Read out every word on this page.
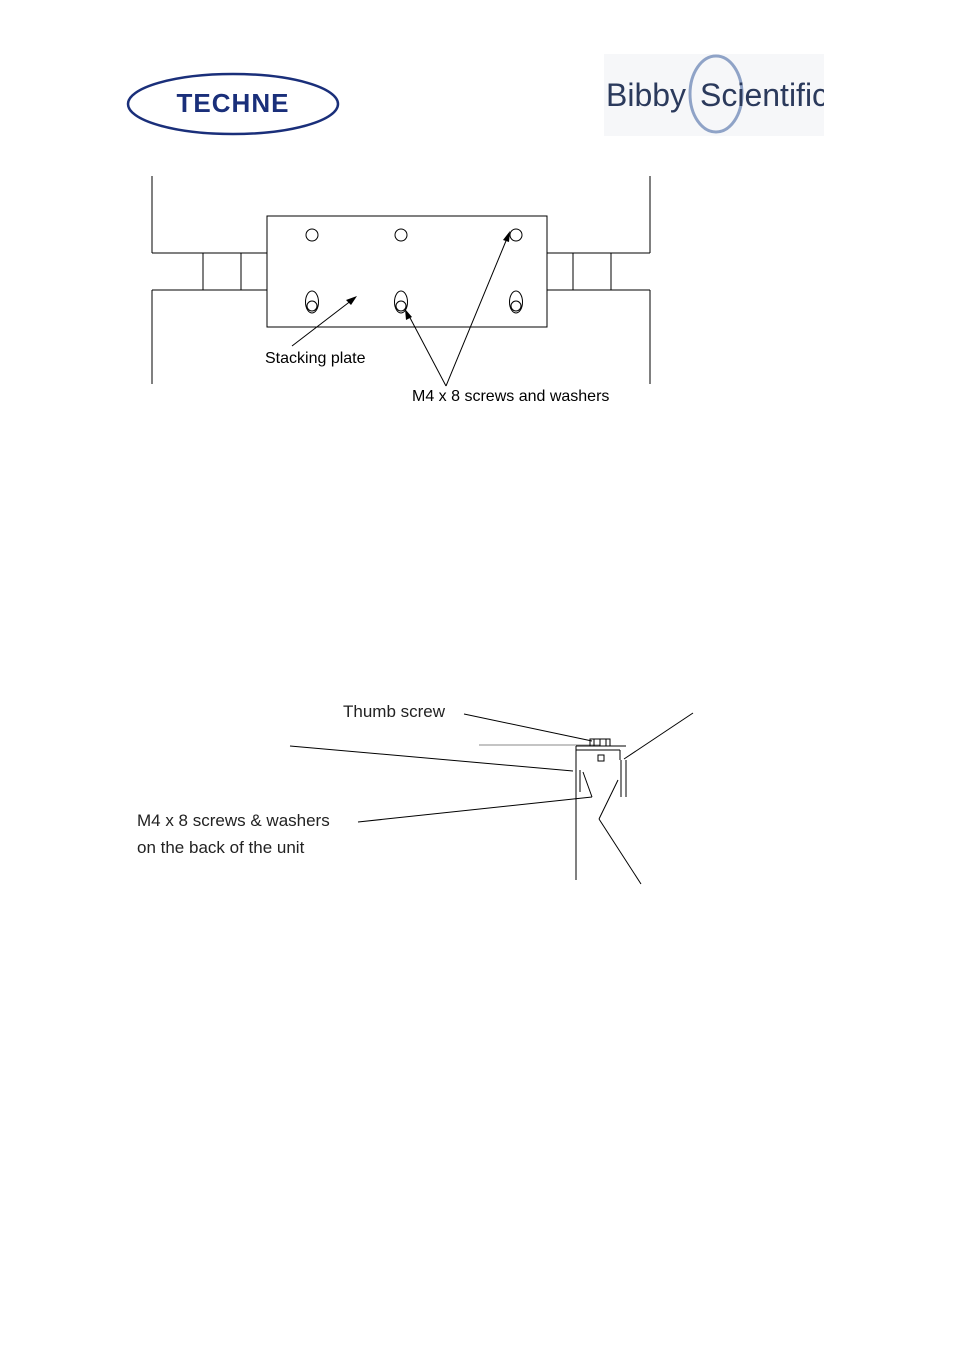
TECHNE	Bibby Scientific
Stacking plate
M4 x 8 screws and washers
Thumb screw
M4 x 8 screws & washers
on the back of the unit
